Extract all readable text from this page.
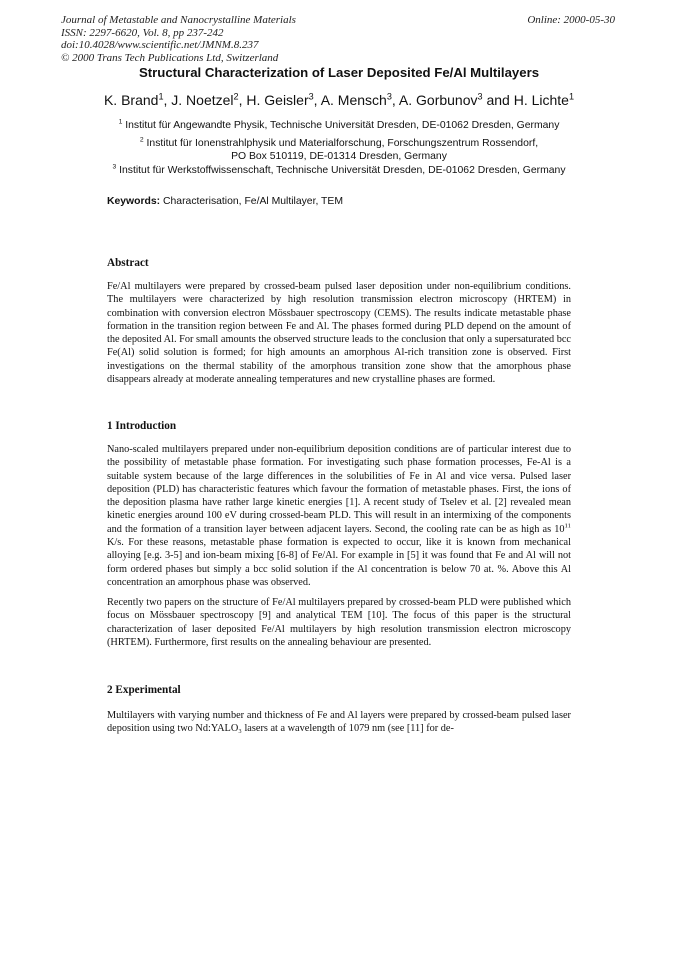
Journal of Metastable and Nanocrystalline Materials
ISSN: 2297-6620, Vol. 8, pp 237-242
doi:10.4028/www.scientific.net/JMNM.8.237
© 2000 Trans Tech Publications Ltd, Switzerland
Online: 2000-05-30
Structural Characterization of Laser Deposited Fe/Al Multilayers
K. Brand$^1$, J. Noetzel$^2$, H. Geisler$^3$, A. Mensch$^3$, A. Gorbunov$^3$ and H. Lichte$^1$
$^1$ Institut für Angewandte Physik, Technische Universität Dresden, DE-01062 Dresden, Germany
$^2$ Institut für Ionenstrahlphysik und Materialforschung, Forschungszentrum Rossendorf,
PO Box 510119, DE-01314 Dresden, Germany
$^3$ Institut für Werkstoffwissenschaft, Technische Universität Dresden, DE-01062 Dresden, Germany
Keywords: Characterisation, Fe/Al Multilayer, TEM
Abstract

Fe/Al multilayers were prepared by crossed-beam pulsed laser deposition under non-equilibrium conditions. The multilayers were characterized by high resolution transmission electron microscopy (HRTEM) in combination with conversion electron Mössbauer spectroscopy (CEMS). The results indicate metastable phase formation in the transition region between Fe and Al. The phases formed during PLD depend on the amount of the deposited Al. For small amounts the observed structure leads to the conclusion that only a supersaturated bcc Fe(Al) solid solution is formed; for high amounts an amorphous Al-rich transition zone is observed. First investigations on the thermal stability of the amorphous transition zone show that the amorphous phase disappears already at moderate annealing temperatures and new crystalline phases are formed.

1 Introduction

Nano-scaled multilayers prepared under non-equilibrium deposition conditions are of particular interest due to the possibility of metastable phase formation. For investigating such phase formation processes, Fe-Al is a suitable system because of the large differences in the solubilities of Fe in Al and vice versa. Pulsed laser deposition (PLD) has characteristic features which favour the formation of metastable phases. First, the ions of the deposition plasma have rather large kinetic energies [1]. A recent study of Tselev et al. [2] revealed mean kinetic energies around 100 eV during crossed-beam PLD. This will result in an intermixing of the components and the formation of a transition layer between adjacent layers. Second, the cooling rate can be as high as $10^{11}$ K/s. For these reasons, metastable phase formation is expected to occur, like it is known from mechanical alloying [e.g. 3-5] and ion-beam mixing [6-8] of Fe/Al. For example in [5] it was found that Fe and Al will not form ordered phases but simply a bcc solid solution if the Al concentration is below 70 at. %. Above this Al concentration an amorphous phase was observed.

Recently two papers on the structure of Fe/Al multilayers prepared by crossed-beam PLD were published which focus on Mössbauer spectroscopy [9] and analytical TEM [10]. The focus of this paper is the structural characterization of laser deposited Fe/Al multilayers by high resolution transmission electron microscopy (HRTEM). Furthermore, first results on the annealing behaviour are presented.

2 Experimental

Multilayers with varying number and thickness of Fe and Al layers were prepared by crossed-beam pulsed laser deposition using two Nd:YALO₃ lasers at a wavelength of 1079 nm (see [11] for de-
